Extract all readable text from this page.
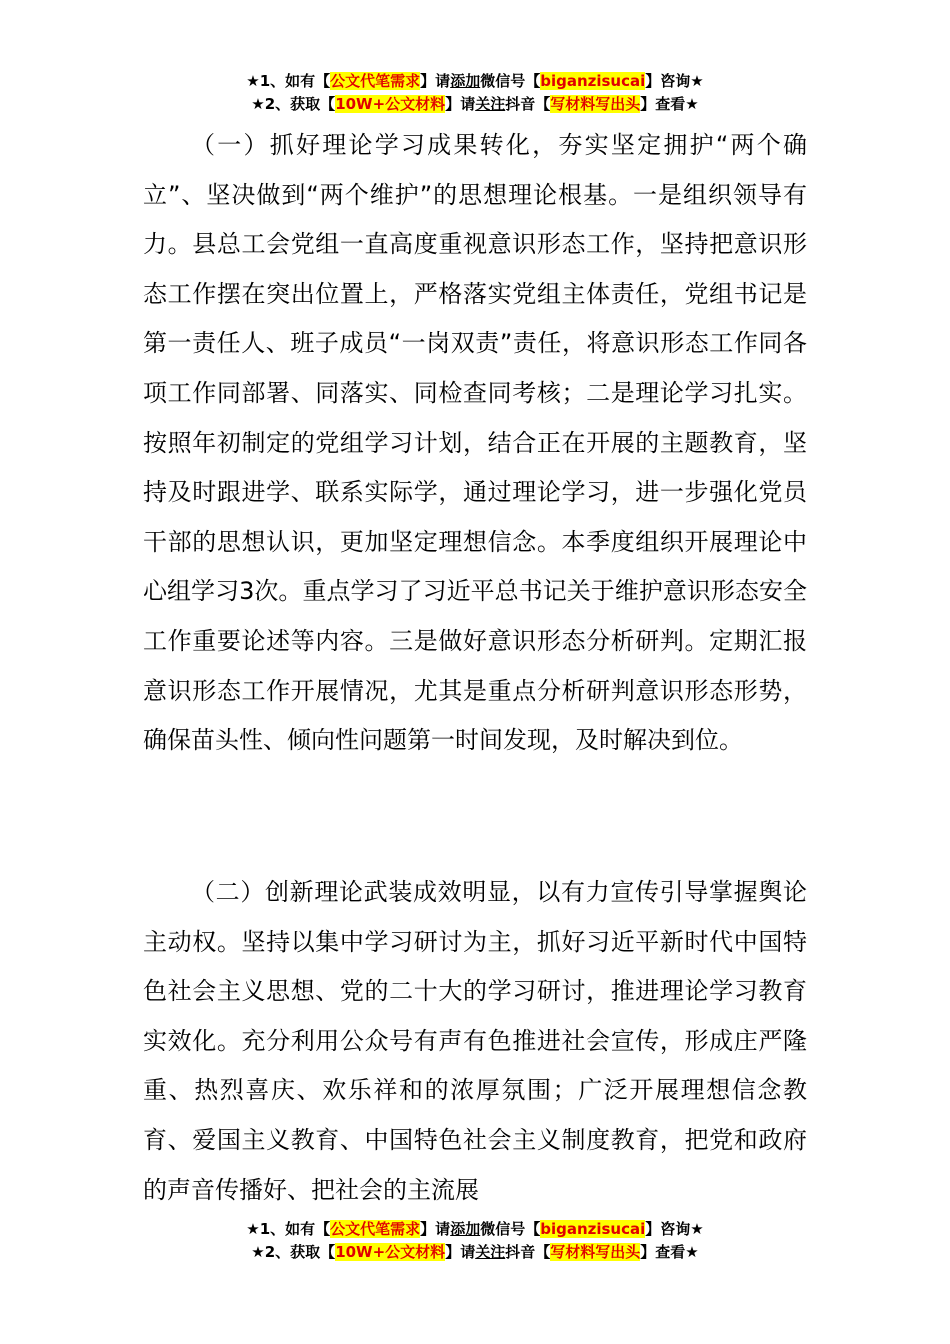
★1、如有【公文代笔需求】请添加微信号【biganzisucai】咨询★
★2、获取【10W+公文材料】请关注抖音【写材料写出头】查看★

（一）抓好理论学习成果转化，夯实坚定拥护“两个确立”、坚决做到“两个维护”的思想理论根基。一是组织领导有力。县总工会党组一直高度重视意识形态工作，坚持把意识形态工作摆在突出位置上，严格落实党组主体责任，党组书记是第一责任人、班子成员“一岗双责”责任，将意识形态工作同各项工作同部署、同落实、同检查同考核；二是理论学习扎实。按照年初制定的党组学习计划，结合正在开展的主题教育，坚持及时跟进学、联系实际学，通过理论学习，进一步强化党员干部的思想认识，更加坚定理想信念。本季度组织开展理论中心组学习3次。重点学习了习近平总书记关于维护意识形态安全工作重要论述等内容。三是做好意识形态分析研判。定期汇报意识形态工作开展情况，尤其是重点分析研判意识形态形势，确保苗头性、倾向性问题第一时间发现，及时解决到位。

（二）创新理论武装成效明显，以有力宣传引导掌握舆论主动权。坚持以集中学习研讨为主，抓好习近平新时代中国特色社会主义思想、党的二十大的学习研讨，推进理论学习教育实效化。充分利用公众号有声有色推进社会宣传，形成庄严隆重、热烈喜庆、欢乐祥和的浓厚氛围；广泛开展理想信念教育、爱国主义教育、中国特色社会主义制度教育，把党和政府的声音传播好、把社会的主流展

★1、如有【公文代笔需求】请添加微信号【biganzisucai】咨询★
★2、获取【10W+公文材料】请关注抖音【写材料写出头】查看★
